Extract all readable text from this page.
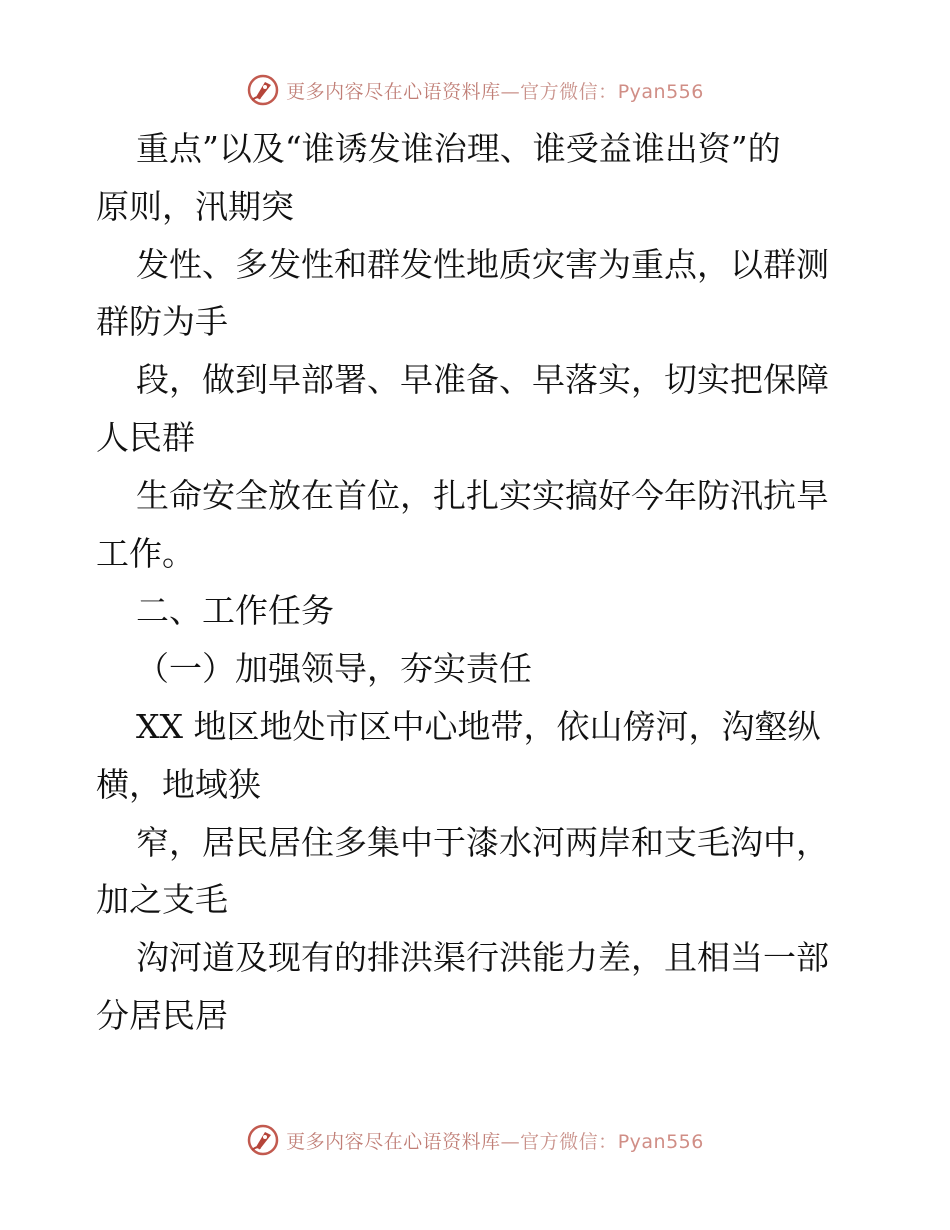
更多内容尽在心语资料库—官方微信：Pyan556
重点”以及“谁诱发谁治理、谁受益谁出资”的
原则，汛期突
发性、多发性和群发性地质灾害为重点，以群测
群防为手
段，做到早部署、早准备、早落实，切实把保障
人民群
生命安全放在首位，扎扎实实搞好今年防汛抗旱
工作。
二、工作任务
（一）加强领导，夯实责任
XX 地区地处市区中心地带，依山傍河，沟壑纵
横，地域狭
窄，居民居住多集中于漆水河两岸和支毛沟中，
加之支毛
沟河道及现有的排洪渠行洪能力差，且相当一部
分居民居
更多内容尽在心语资料库—官方微信：Pyan556
